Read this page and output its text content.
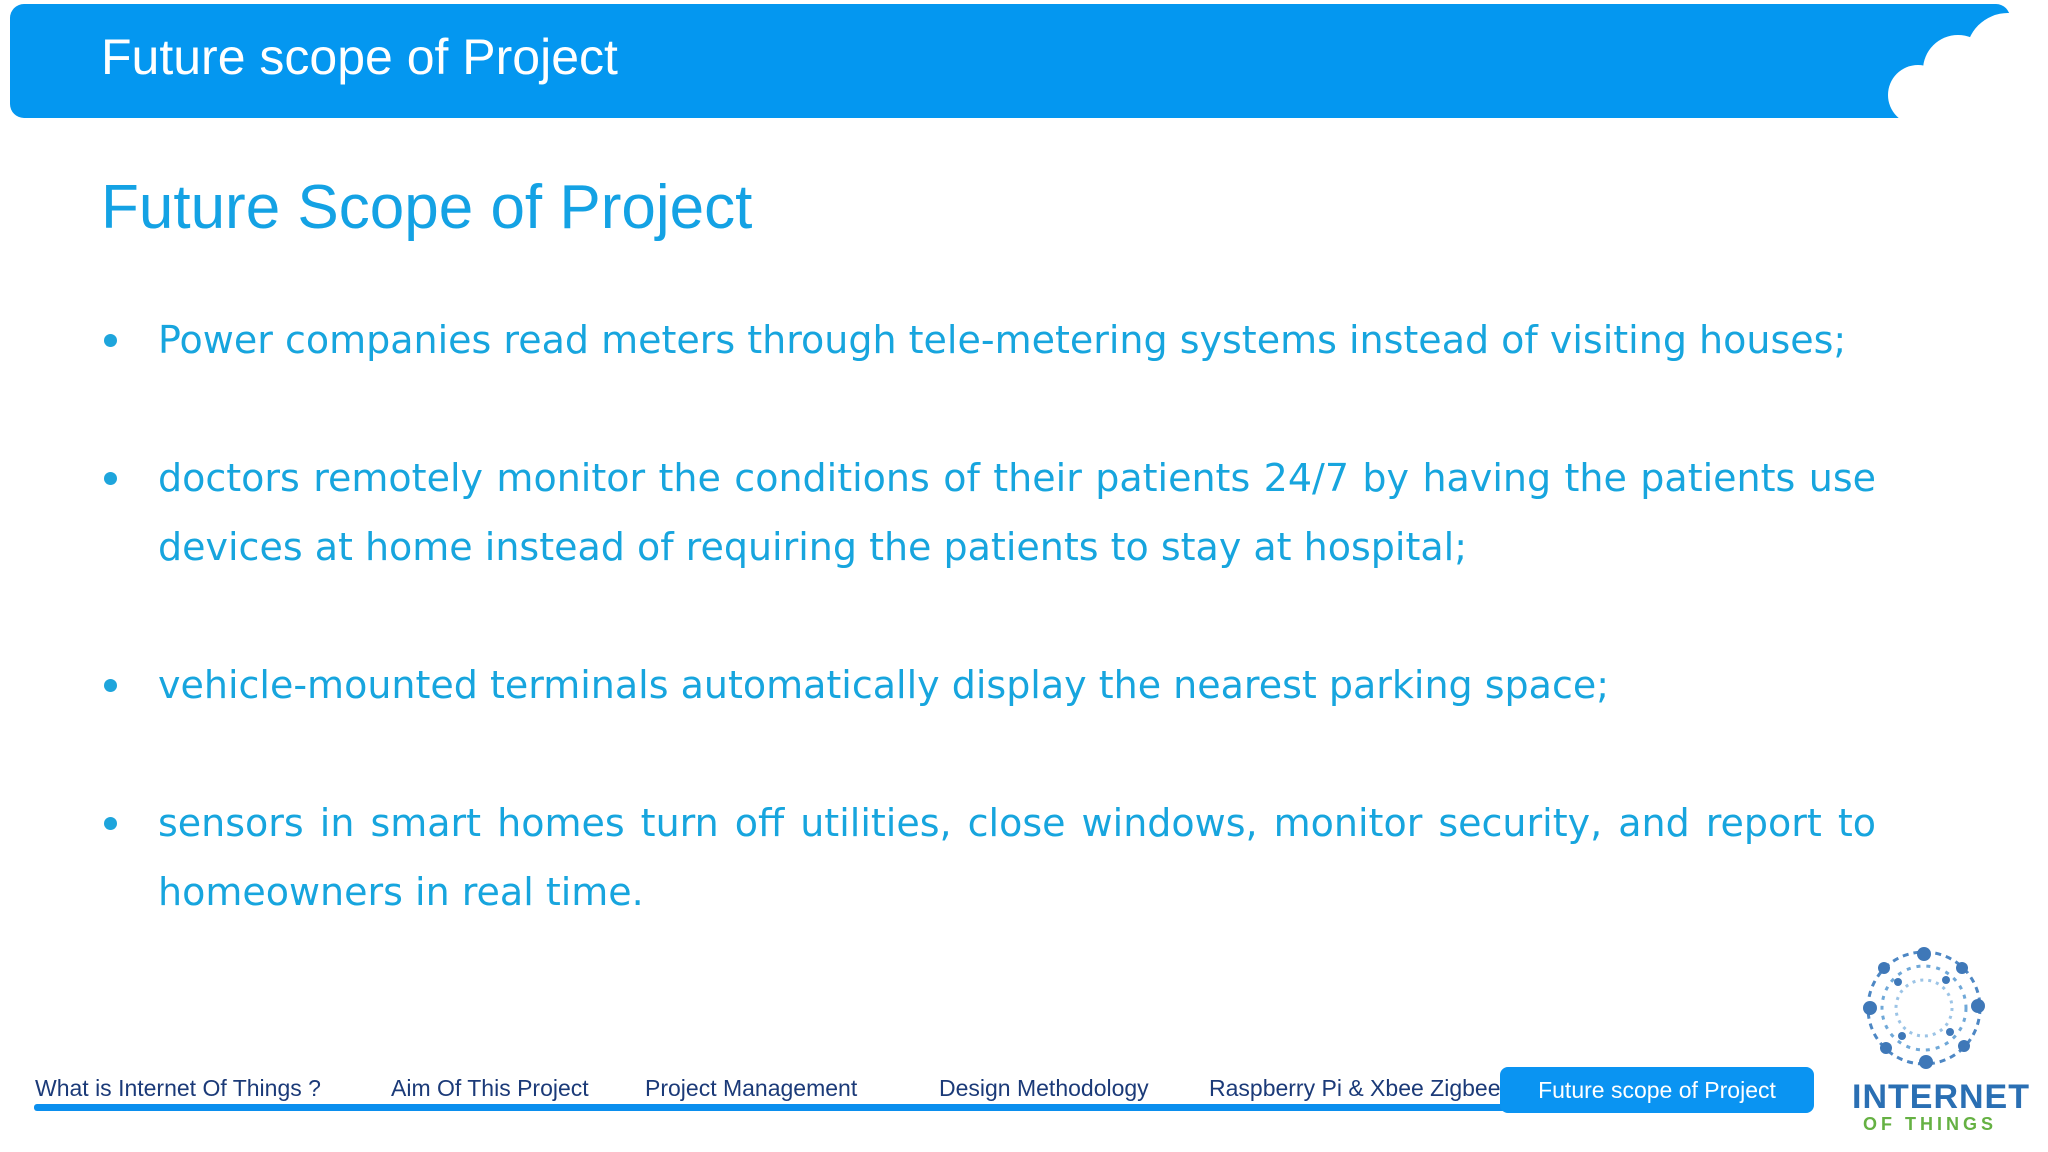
Future scope of Project
Future Scope of Project
Power companies read meters through tele-metering systems instead of visiting houses;
doctors remotely monitor the conditions of their patients 24/7 by having the patients use devices at home instead of requiring the patients to stay at hospital;
vehicle-mounted terminals automatically display the nearest parking space;
sensors in smart homes turn off utilities, close windows, monitor security, and report to homeowners in real time.
What is Internet Of Things ?	Aim Of This Project Project Management	Design Methodology	Raspberry Pi & Xbee Zigbee	Future scope of Project	INTERNET
OF THINGS
